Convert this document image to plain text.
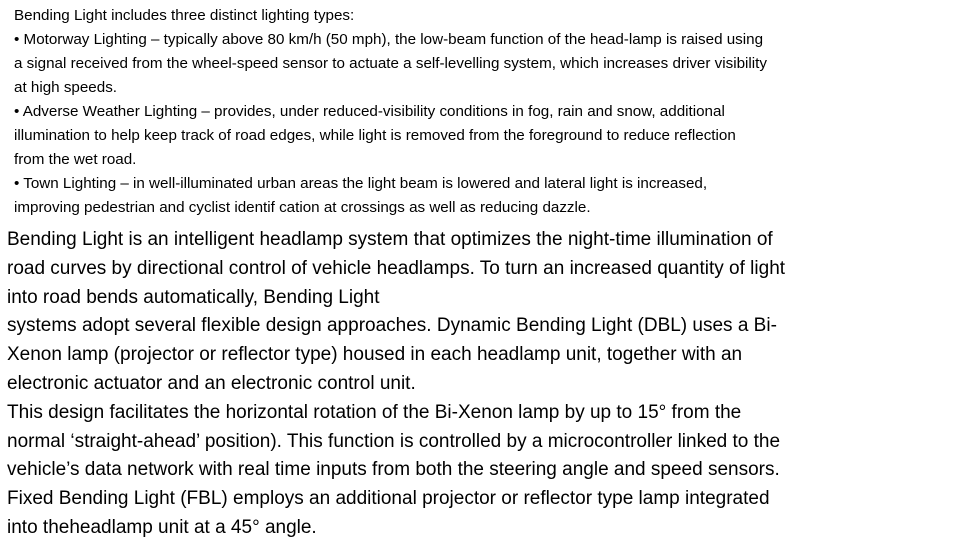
Bending Light includes three distinct lighting types:
• Motorway Lighting – typically above 80 km/h (50 mph), the low-beam function of the head-lamp is raised using
a signal received from the wheel-speed sensor to actuate a self-levelling system, which increases driver visibility
at high speeds.
• Adverse Weather Lighting – provides, under reduced-visibility conditions in fog, rain and snow, additional
illumination to help keep track of road edges, while light is removed from the foreground to reduce reflection
from the wet road.
• Town Lighting – in well-illuminated urban areas the light beam is lowered and lateral light is increased,
improving pedestrian and cyclist identif cation at crossings as well as reducing dazzle.
Bending Light is an intelligent headlamp system that optimizes the night-time illumination of
road curves by directional control of vehicle headlamps. To turn an increased quantity of light
into road bends automatically, Bending Light
systems adopt several flexible design approaches. Dynamic Bending Light (DBL) uses a Bi-
Xenon lamp (projector or reflector type) housed in each headlamp unit, together with an
electronic actuator and an electronic control unit.
This design facilitates the horizontal rotation of the Bi-Xenon lamp by up to 15° from the
normal ‘straight-ahead’ position). This function is controlled by a microcontroller linked to the
vehicle’s data network with real time inputs from both the steering angle and speed sensors.
Fixed Bending Light (FBL) employs an additional projector or reflector type lamp integrated
into theheadlamp unit at a 45° angle.
